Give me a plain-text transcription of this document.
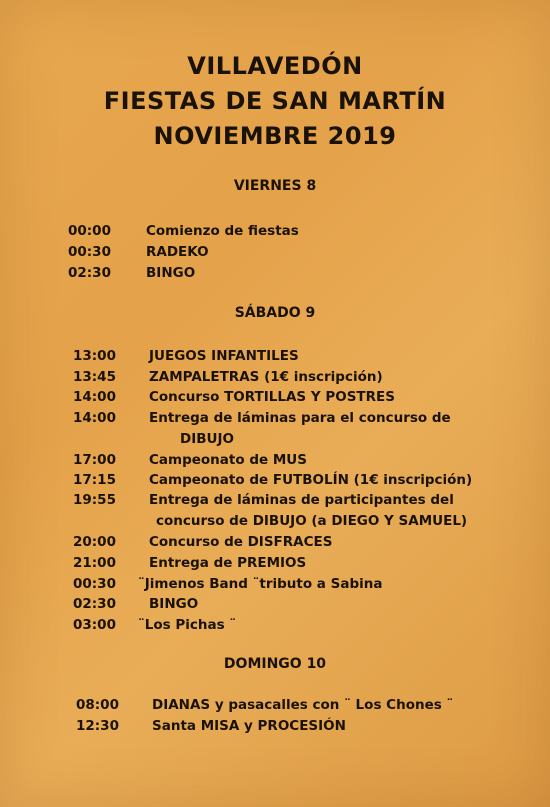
VILLAVEDÓN
FIESTAS DE SAN MARTÍN
NOVIEMBRE 2019
VIERNES 8
00:00	Comienzo de fiestas
00:30	RADEKO
02:30	BINGO
SÁBADO 9
13:00 JUEGOS INFANTILES
13:45 ZAMPALETRAS (1€ inscripción)
14:00 Concurso TORTILLAS Y POSTRES
14:00 Entrega de láminas para el concurso de
DIBUJO
17:00 Campeonato de MUS
17:15 Campeonato de FUTBOLÍN (1€ inscripción)
19:55 Entrega de láminas de participantes del
concurso de DIBUJO (a DIEGO Y SAMUEL)
20:00 Concurso de DISFRACES
21:00 Entrega de PREMIOS
00:30 ¨Jimenos Band ¨tributo a Sabina
02:30 BINGO
03:00 ¨Los Pichas ¨
DOMINGO 10
08:00 DIANAS y pasacalles con ¨ Los Chones ¨
12:30 Santa MISA y PROCESIÓN
